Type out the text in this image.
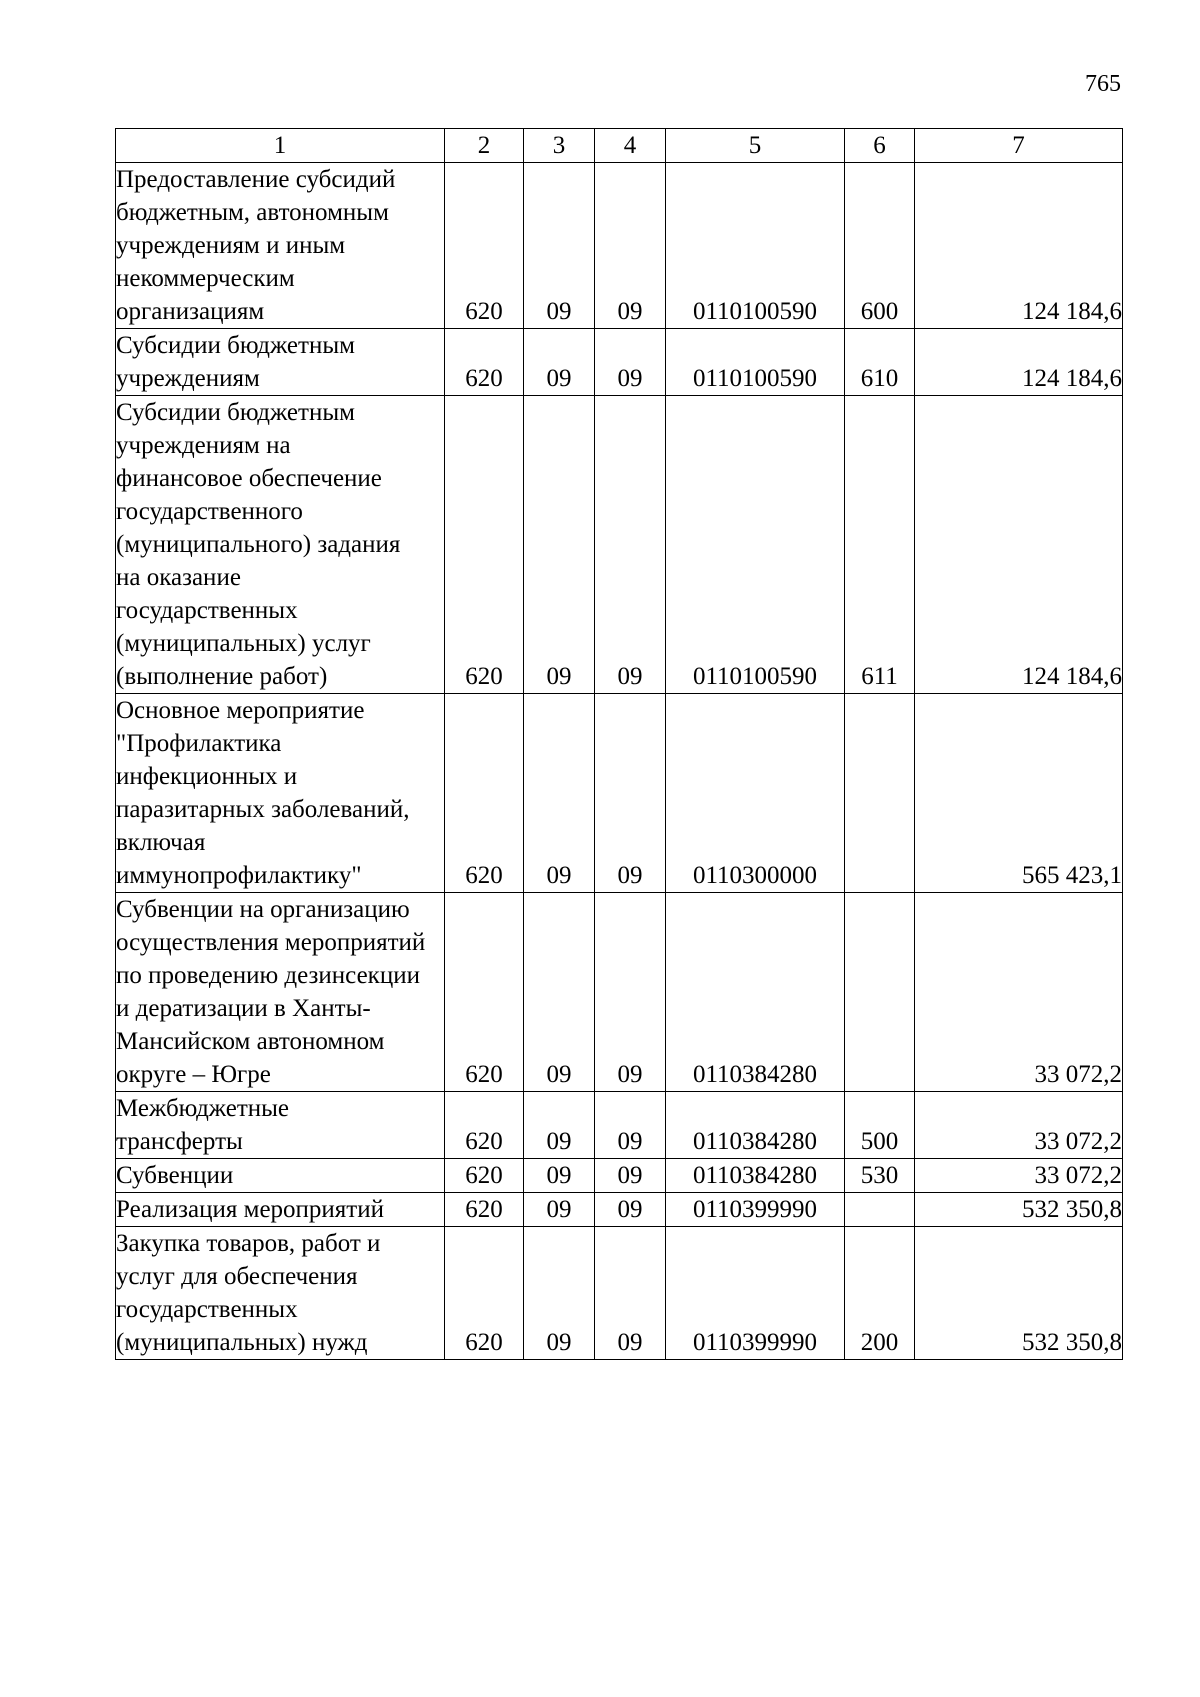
765
1	2	3	4	5	6	7

Предоставление субсидий бюджетным, автономным учреждениям и иным некоммерческим организациям	620	09	09	0110100590	600	124 184,6

Субсидии бюджетным учреждениям	620	09	09	0110100590	610	124 184,6

Субсидии бюджетным учреждениям на финансовое обеспечение государственного (муниципального) задания на оказание государственных (муниципальных) услуг (выполнение работ)	620	09	09	0110100590	611	124 184,6

Основное мероприятие "Профилактика инфекционных и паразитарных заболеваний, включая иммунопрофилактику"	620	09	09	0110300000		565 423,1

Субвенции на организацию осуществления мероприятий по проведению дезинсекции и дератизации в Ханты-Мансийском автономном округе – Югре	620	09	09	0110384280		33 072,2

Межбюджетные трансферты	620	09	09	0110384280	500	33 072,2

Субвенции	620	09	09	0110384280	530	33 072,2

Реализация мероприятий	620	09	09	0110399990		532 350,8

Закупка товаров, работ и услуг для обеспечения государственных (муниципальных) нужд	620	09	09	0110399990	200	532 350,8
